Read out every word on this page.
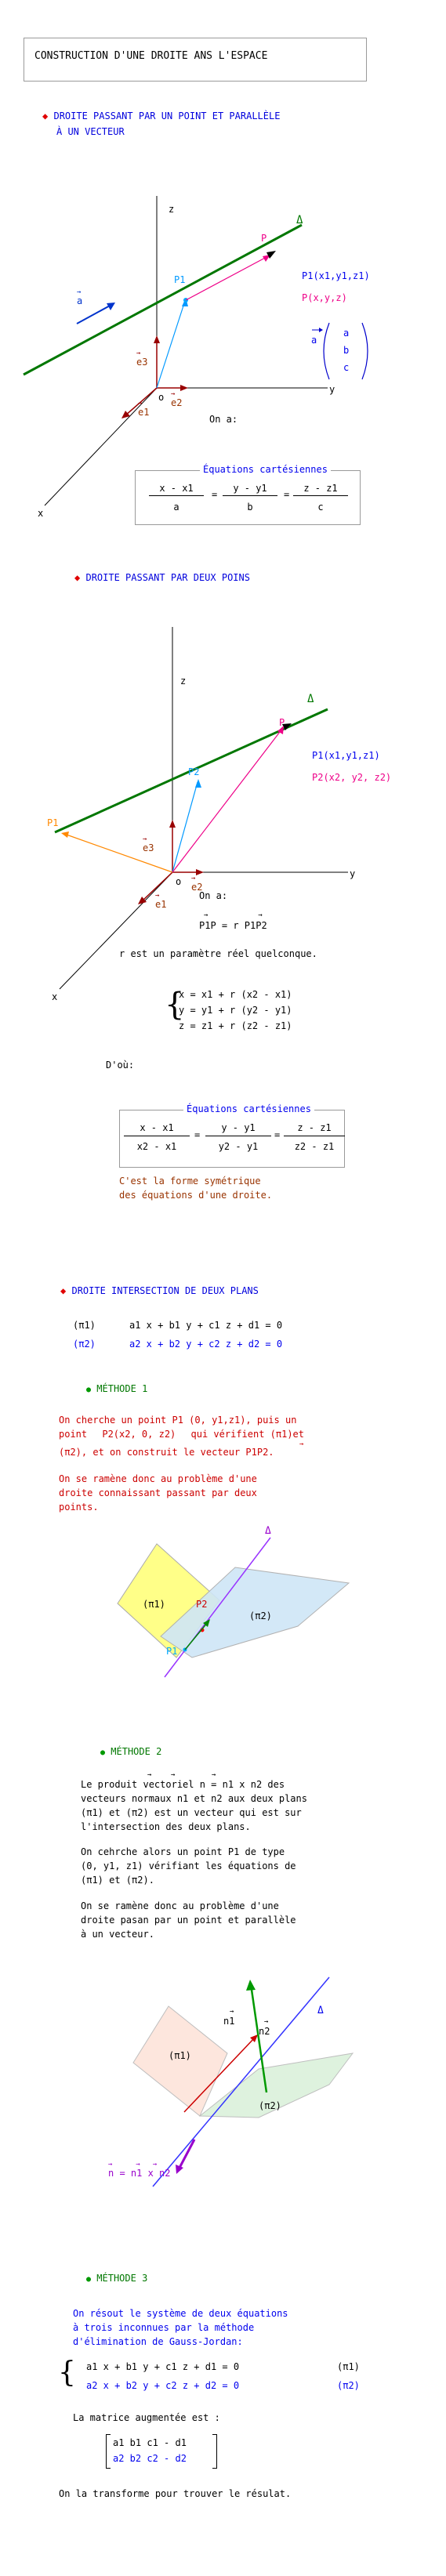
CONSTRUCTION D'UNE DROITE ANS L'ESPACE
◆ DROITE PASSANT PAR UN POINT ET PARALLÈLE
À UN VECTEUR
z
y
x
o
→
e3
→
e2
→
e1
P1
P
Δ
→
a
P1(x1,y1,z1)
P(x,y,z)
a
a
b
c
On a:
Équations cartésiennes
x - x1
a
=
y - y1
b
=
z - z1
c
◆ DROITE PASSANT PAR DEUX POINS
z
y
x
o
→
e3
→
e2
→
e1
P1
P2
P
Δ
P1(x1,y1,z1)
P2(x2, y2, z2)
On a:
→	→
P1P = r P1P2
r est un paramètre réel quelconque.
{
x = x1 + r (x2 - x1)
y = y1 + r (y2 - y1)
z = z1 + r (z2 - z1)
D'où:
Équations cartésiennes
x - x1
x2 - x1
=
y - y1
y2 - y1
=
z - z1
z2 - z1
C'est la forme symétrique
des équations d'une droite.
◆ DROITE INTERSECTION DE DEUX PLANS
(π1)	a1 x + b1 y + c1 z + d1 = 0
(π2)	a2 x + b2 y + c2 z + d2 = 0
● MÉTHODE 1
On cherche un point P1 (0, y1,z1), puis un
point P2(x2, 0, z2) qui vérifient (π1)et
→
(π2), et on construit le vecteur P1P2.
On se ramène donc au problème d'une
droite connaissant passant par deux
points.
(π1)
(π2)
P1
P2
Δ
● MÉTHODE 2
→	→	→
Le produit vectoriel n = n1 x n2 des
vecteurs normaux n1 et n2 aux deux plans
(π1) et (π2) est un vecteur qui est sur
l'intersection des deux plans.
On cehrche alors un point P1 de type
(0, y1, z1) vérifiant les équations de
(π1) et (π2).
On se ramène donc au problème d'une
droite pasan par un point et parallèle
à un vecteur.
→
n1	→
n2
(π1)
(π2)
Δ
→	→ →
n = n1 x n2
● MÉTHODE 3
On résout le système de deux équations
à trois inconnues par la méthode
d'élimination de Gauss-Jordan:
{ a1 x + b1 y + c1 z + d1 = 0	(π1)
a2 x + b2 y + c2 z + d2 = 0	(π2)
La matrice augmentée est :
a1 b1 c1 - d1
a2 b2 c2 - d2
On la transforme pour trouver le résulat.
